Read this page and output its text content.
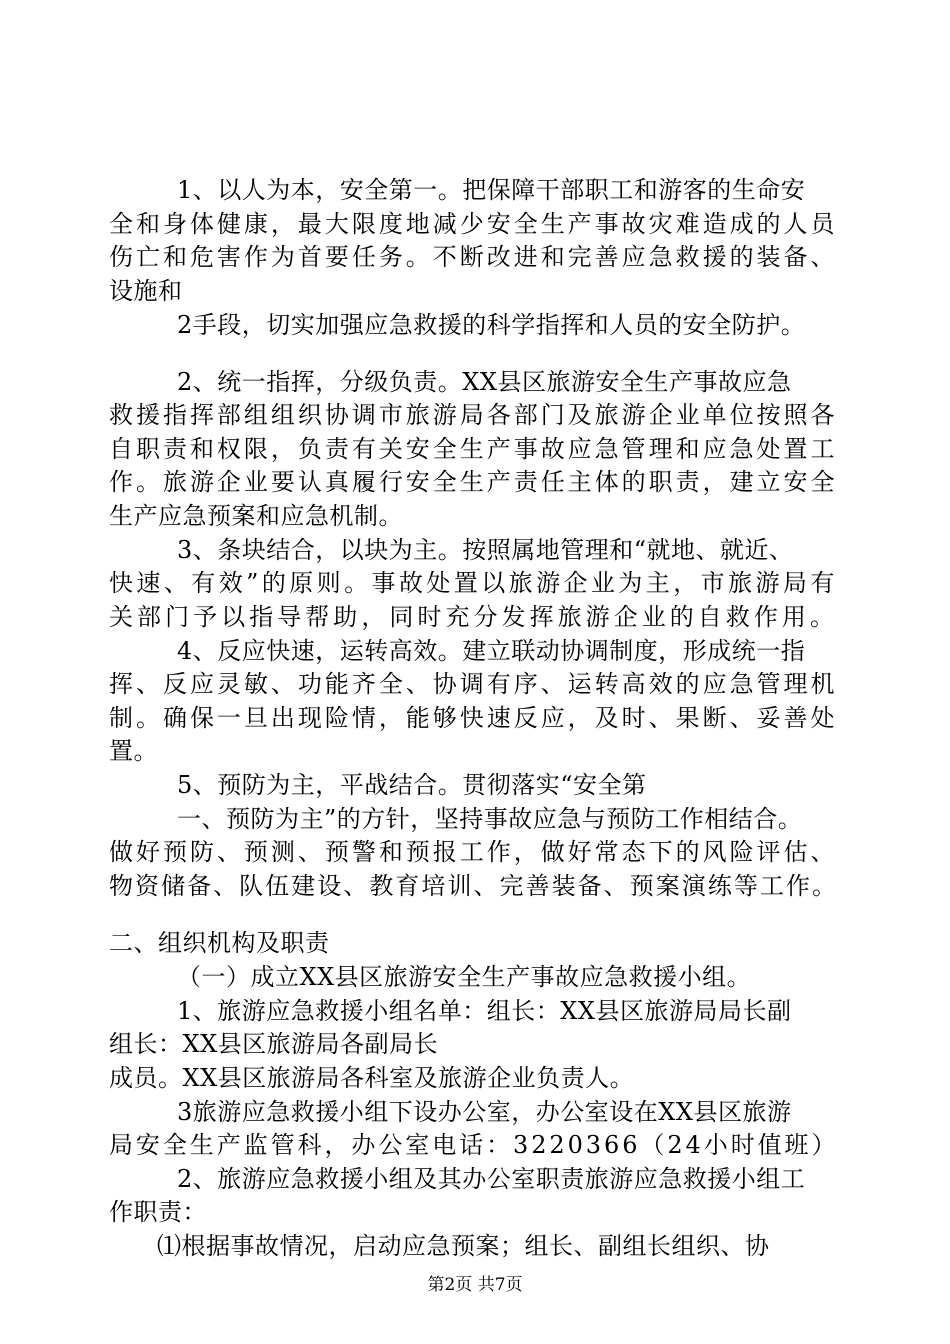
1、以人为本，安全第一。把保障干部职工和游客的生命安
全和身体健康，最大限度地减少安全生产事故灾难造成的人员
伤亡和危害作为首要任务。不断改进和完善应急救援的装备、
设施和
2手段，切实加强应急救援的科学指挥和人员的安全防护。
2、统一指挥，分级负责。XX县区旅游安全生产事故应急
救援指挥部组组织协调市旅游局各部门及旅游企业单位按照各
自职责和权限，负责有关安全生产事故应急管理和应急处置工
作。旅游企业要认真履行安全生产责任主体的职责，建立安全
生产应急预案和应急机制。
3、条块结合，以块为主。按照属地管理和“就地、就近、
快速、有效”的原则。事故处置以旅游企业为主，市旅游局有
关部门予以指导帮助，同时充分发挥旅游企业的自救作用。
4、反应快速，运转高效。建立联动协调制度，形成统一指
挥、反应灵敏、功能齐全、协调有序、运转高效的应急管理机
制。确保一旦出现险情，能够快速反应，及时、果断、妥善处
置。
5、预防为主，平战结合。贯彻落实“安全第
一、预防为主”的方针，坚持事故应急与预防工作相结合。
做好预防、预测、预警和预报工作，做好常态下的风险评估、
物资储备、队伍建设、教育培训、完善装备、预案演练等工作。
二、组织机构及职责
（一）成立XX县区旅游安全生产事故应急救援小组。
1、旅游应急救援小组名单：组长：XX县区旅游局局长副
组长：XX县区旅游局各副局长
成员。XX县区旅游局各科室及旅游企业负责人。
3旅游应急救援小组下设办公室，办公室设在XX县区旅游
局安全生产监管科，办公室电话：3220366（24小时值班）
2、旅游应急救援小组及其办公室职责旅游应急救援小组工
作职责：
⑴根据事故情况，启动应急预案；组长、副组长组织、协
第2页 共7页
